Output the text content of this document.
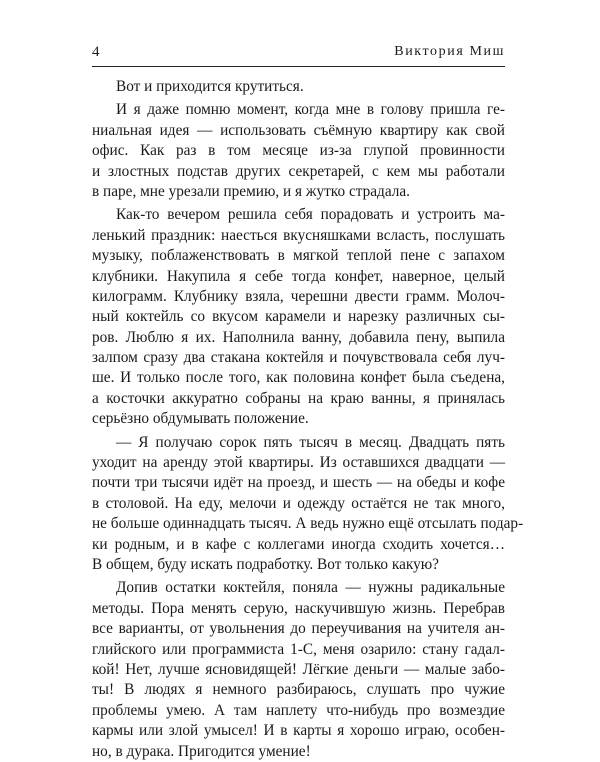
4	Виктория Миш
Вот и приходится крутиться.
И я даже помню момент, когда мне в голову пришла ге-
ниальная идея — использовать съёмную квартиру как свой
офис. Как раз в том месяце из-за глупой провинности
и злостных подстав других секретарей, с кем мы работали
в паре, мне урезали премию, и я жутко страдала.
Как-то вечером решила себя порадовать и устроить ма-
ленький праздник: наесться вкусняшками всласть, послушать
музыку, поблаженствовать в мягкой теплой пене с запахом
клубники. Накупила я себе тогда конфет, наверное, целый
килограмм. Клубнику взяла, черешни двести грамм. Молоч-
ный коктейль со вкусом карамели и нарезку различных сы-
ров. Люблю я их. Наполнила ванну, добавила пену, выпила
залпом сразу два стакана коктейля и почувствовала себя луч-
ше. И только после того, как половина конфет была съедена,
а косточки аккуратно собраны на краю ванны, я принялась
серьёзно обдумывать положение.
— Я получаю сорок пять тысяч в месяц. Двадцать пять
уходит на аренду этой квартиры. Из оставшихся двадцати —
почти три тысячи идёт на проезд, и шесть — на обеды и кофе
в столовой. На еду, мелочи и одежду остаётся не так много,
не больше одиннадцать тысяч. А ведь нужно ещё отсылать подар-
ки родным, и в кафе с коллегами иногда сходить хочется…
В общем, буду искать подработку. Вот только какую?
Допив остатки коктейля, поняла — нужны радикальные
методы. Пора менять серую, наскучившую жизнь. Перебрав
все варианты, от увольнения до переучивания на учителя ан-
глийского или программиста 1-С, меня озарило: стану гадал-
кой! Нет, лучше ясновидящей! Лёгкие деньги — малые забо-
ты! В людях я немного разбираюсь, слушать про чужие
проблемы умею. А там наплету что-нибудь про возмездие
кармы или злой умысел! И в карты я хорошо играю, особен-
но, в дурака. Пригодится умение!
